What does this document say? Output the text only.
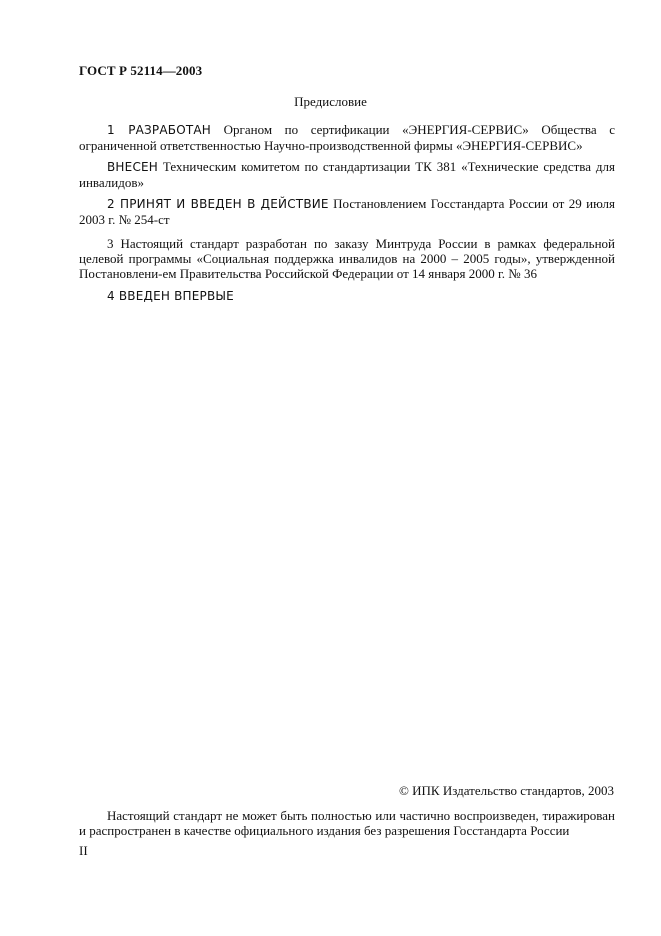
ГОСТ Р 52114—2003
Предисловие

1 РАЗРАБОТАН Органом по сертификации «ЭНЕРГИЯ-СЕРВИС» Общества с ограниченной ответственностью Научно-производственной фирмы «ЭНЕРГИЯ-СЕРВИС»

ВНЕСЕН Техническим комитетом по стандартизации ТК 381 «Технические средства для инвалидов»

2 ПРИНЯТ И ВВЕДЕН В ДЕЙСТВИЕ Постановлением Госстандарта России от 29 июля 2003 г. № 254-ст

3 Настоящий стандарт разработан по заказу Минтруда России в рамках федеральной целевой программы «Социальная поддержка инвалидов на 2000 – 2005 годы», утвержденной Постановлени-ем Правительства Российской Федерации от 14 января 2000 г. № 36

4 ВВЕДЕН ВПЕРВЫЕ

© ИПК Издательство стандартов, 2003

Настоящий стандарт не может быть полностью или частично воспроизведен, тиражирован и распространен в качестве официального издания без разрешения Госстандарта России

II
